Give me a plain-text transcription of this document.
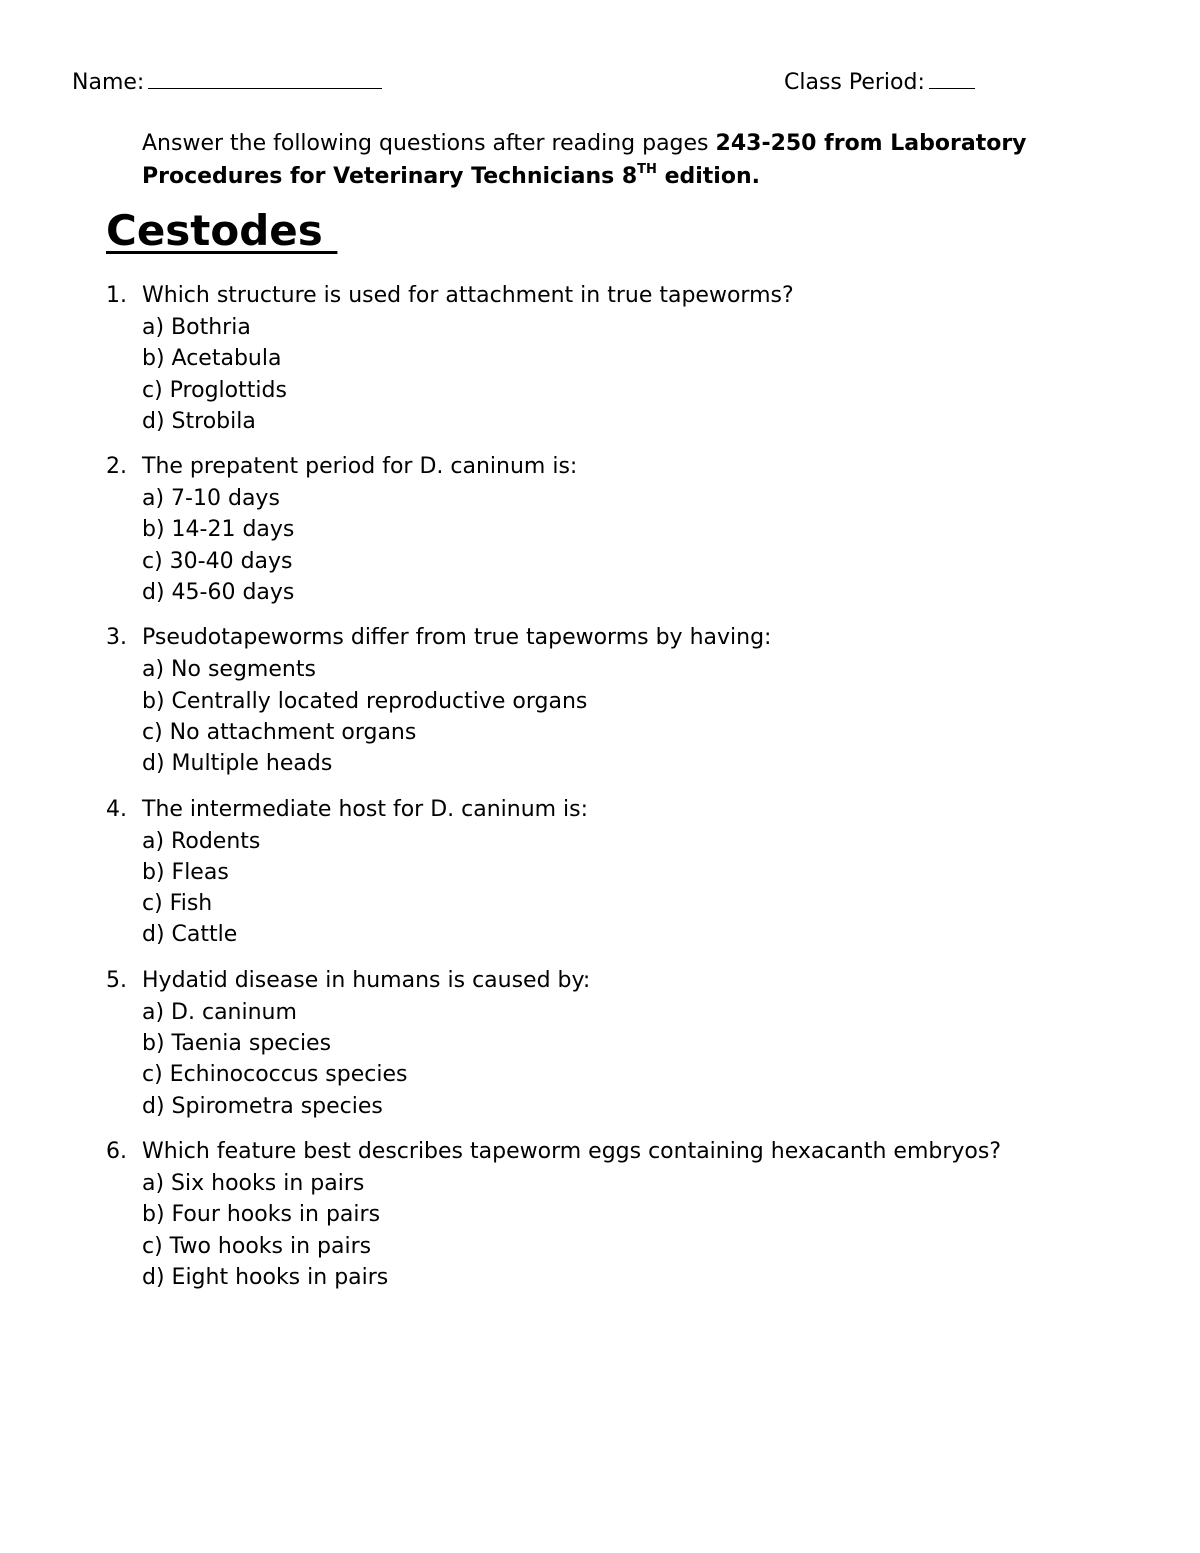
Name:	Class Period:
Answer the following questions after reading pages 243-250 from Laboratory Procedures for Veterinary Technicians 8TH edition.
Cestodes
1. Which structure is used for attachment in true tapeworms?
a) Bothria
b) Acetabula
c) Proglottids
d) Strobila
2. The prepatent period for D. caninum is:
a) 7-10 days
b) 14-21 days
c) 30-40 days
d) 45-60 days
3. Pseudotapeworms differ from true tapeworms by having:
a) No segments
b) Centrally located reproductive organs
c) No attachment organs
d) Multiple heads
4. The intermediate host for D. caninum is:
a) Rodents
b) Fleas
c) Fish
d) Cattle
5. Hydatid disease in humans is caused by:
a) D. caninum
b) Taenia species
c) Echinococcus species
d) Spirometra species
6. Which feature best describes tapeworm eggs containing hexacanth embryos?
a) Six hooks in pairs
b) Four hooks in pairs
c) Two hooks in pairs
d) Eight hooks in pairs
